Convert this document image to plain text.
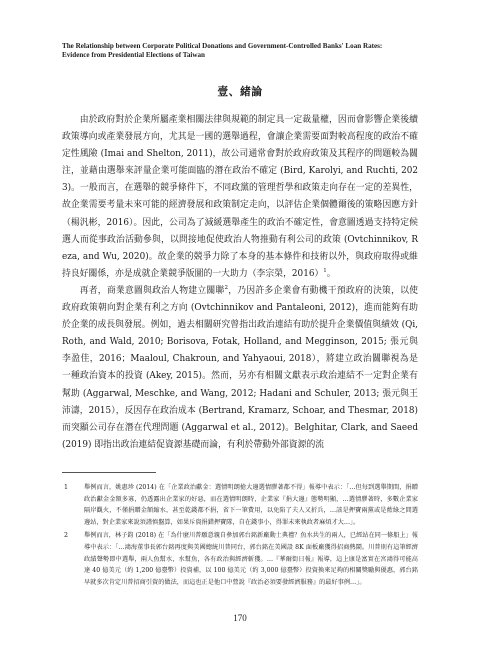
The Relationship between Corporate Political Donations and Government-Controlled Banks' Loan Rates:
Evidence from Presidential Elections of Taiwan
壹、緒論

由於政府對於企業所屬產業相關法律與規範的制定具一定裁量權，因而會影響企業後續政策導向或產業發展方向，尤其是一國的選舉過程，會讓企業需要面對較高程度的政治不確定性風險 (Imai and Shelton, 2011)，故公司通常會對於政府政策及其程序的問題較為關注，並藉由選舉來評量企業可能面臨的潛在政治不確定 (Bird, Karolyi, and Ruchti, 2023)。一般而言，在選舉的競爭條件下，不同政黨的管理哲學和政策走向存在一定的差異性，故企業需要考量未來可能的經濟發展和政策制定走向，以評估企業個體爾後的策略因應方針（楊汎彬，2016）。因此，公司為了減緩選舉產生的政治不確定性，會意圖透過支持特定候選人而從事政治活動參與，以問接地促使政治人物推動有利公司的政策 (Ovtchinnikov, Reza, and Wu, 2020)。故企業的競爭力除了本身的基本條件和技術以外，與政府取得或維持良好關係，亦是成就企業競爭版圖的一大助力（李宗榮，2016）$^1$。

再者，商業意圖與政治人物建立關聯$^2$，乃因許多企業會有動機干預政府的決策，以使政府政策朝向對企業有利之方向 (Ovtchinnikov and Pantaleoni, 2012)，進而能夠有助於企業的成長與發展。例如，過去相關研究曾指出政治連結有助於提升企業價值與績效 (Qi, Roth, and Wald, 2010; Borisova, Fotak, Holland, and Megginson, 2015; 張元與李盈佳，2016；Maaloul, Chakroun, and Yahyaoui, 2018），將建立政治關聯視為是一種政治資本的投資 (Akey, 2015)。然而，另亦有相關文獻表示政治連結不一定對企業有幫助 (Aggarwal, Meschke, and Wang, 2012; Hadani and Schuler, 2013; 張元與王沛濤，2015），反因存在政治成本 (Bertrand, Kramarz, Schoar, and Thesmar, 2018) 而突顯公司存在潛在代理問題 (Aggarwal et al., 2012)。Belghitar, Clark, and Saeed (2019) 即指出政治連結促資源基礎而論，有利於帶動外部資源的流

1	舉例而言，姚惠珍 (2014) 在「企業政治獻金：選情明朗搶大邊選情膠著都不得」報導中表示：「…但每到選舉期間，捐贈政治獻金金額多寡，仍透露出企業家的好惡，而在選情明朗時，企業家『捐大邊』態勢明顯，…選情膠著時，多數企業家隔岸觀火，不僅捐贈金額縮水，甚至乾錢都不捐，省下一筆費用，以免陷了夫人又折兵，…該是押寶兩黨或是藍綠之間選邊站，對企業家來說須謹慎盤算，如果斥資捐錯押寶隊，自在錢事小，得罪未來執政者麻煩才大…」。
2	舉例而言，林子鈞 (2018) 在「為什麼川普願意親自參加郭台銘新廠動土典禮？魚水共生的兩人，已經站在同一條船上」報導中表示：「…鴻海董事長郭台銘再度與美國總統川普同台，郭台銘在美國設 8K 面板廠獲得招商熱鬧。川普則有這筆經濟政績聲勢即中選舉，兩人魚幫水，水幫魚，各有政治與經濟斬獲。…『華爾街日報』報導，這上康是富實在宮鴻得可能高達 40 億美元（約 1,200 億臺幣）投資補，以 100 億美元（約 3,000 億臺幣）投資換來足夠的相關獎勵與優惠，郭台銘早就多次肯定川普招商引資的做法，而這也正是他口中營說『政治必須要發經濟服務』的最好事例…」。
170
